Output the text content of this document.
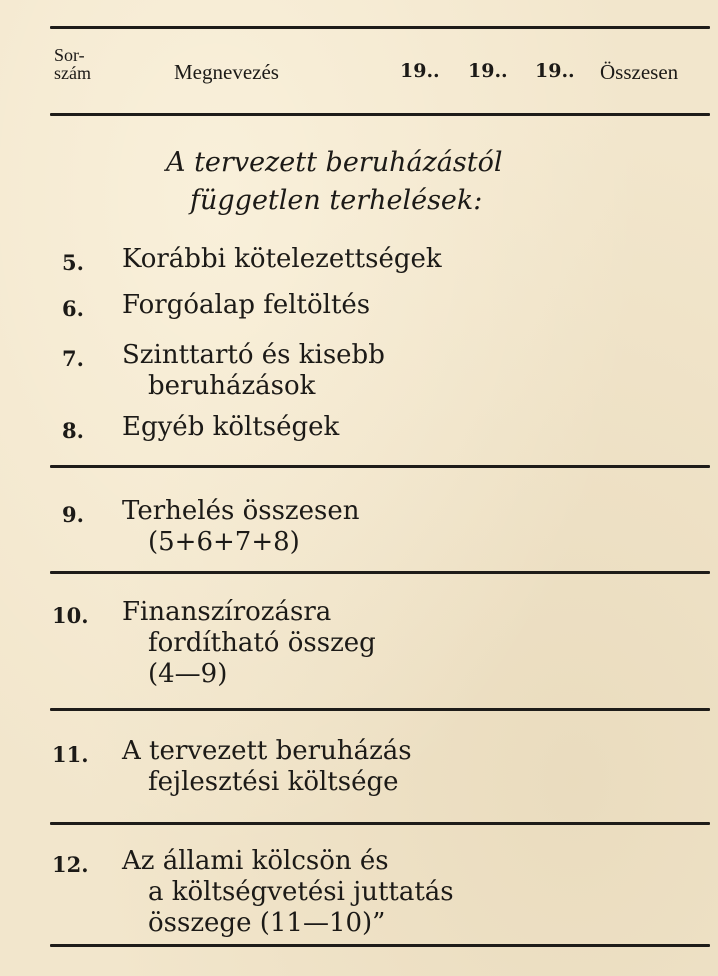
Sor-
szám	Megnevezés	19.. 19.. 19.. Összesen
A tervezett beruházástól
független terhelések:
5. Korábbi kötelezettségek
6. Forgóalap feltöltés
7. Szinttartó és kisebb
beruházások
8. Egyéb költségek
9. Terhelés összesen
(5+6+7+8)
10. Finanszírozásra
fordítható összeg
(4—9)
11. A tervezett beruházás
fejlesztési költsége
12. Az állami kölcsön és
a költségvetési juttatás
összege (11—10)”
